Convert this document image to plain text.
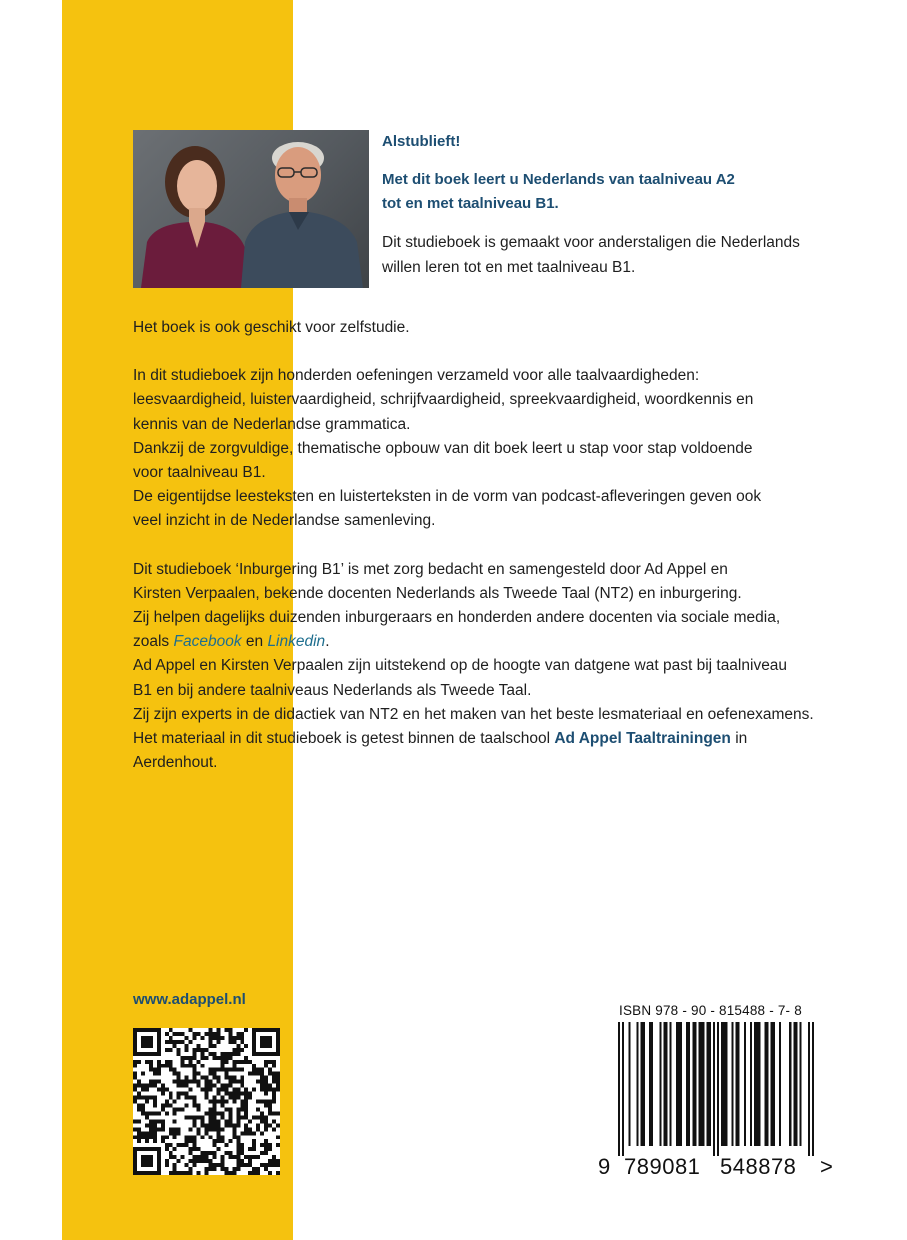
Alstublieft!
Met dit boek leert u Nederlands van taalniveau A2
tot en met taalniveau B1.
Dit studieboek is gemaakt voor anderstaligen die Nederlands
willen leren tot en met taalniveau B1.

Het boek is ook geschikt voor zelfstudie.

In dit studieboek zijn honderden oefeningen verzameld voor alle taalvaardigheden:

leesvaardigheid, luistervaardigheid, schrijfvaardigheid, spreekvaardigheid, woordkennis en

kennis van de Nederlandse grammatica.

Dankzij de zorgvuldige, thematische opbouw van dit boek leert u stap voor stap voldoende

voor taalniveau B1.

De eigentijdse leesteksten en luisterteksten in de vorm van podcast-afleveringen geven ook

veel inzicht in de Nederlandse samenleving.

Dit studieboek ‘Inburgering B1’ is met zorg bedacht en samengesteld door Ad Appel en

Kirsten Verpaalen, bekende docenten Nederlands als Tweede Taal (NT2) en inburgering.

Zij helpen dagelijks duizenden inburgeraars en honderden andere docenten via sociale media,

zoals Facebook en Linkedin.

Ad Appel en Kirsten Verpaalen zijn uitstekend op de hoogte van datgene wat past bij taalniveau

B1 en bij andere taalniveaus Nederlands als Tweede Taal.

Zij zijn experts in de didactiek van NT2 en het maken van het beste lesmateriaal en oefenexamens.

Het materiaal in dit studieboek is getest binnen de taalschool Ad Appel Taaltrainingen in

Aerdenhout.

www.adappel.nl
ISBN 978 - 90 - 815488 - 7- 8
9 789081 548878 >
